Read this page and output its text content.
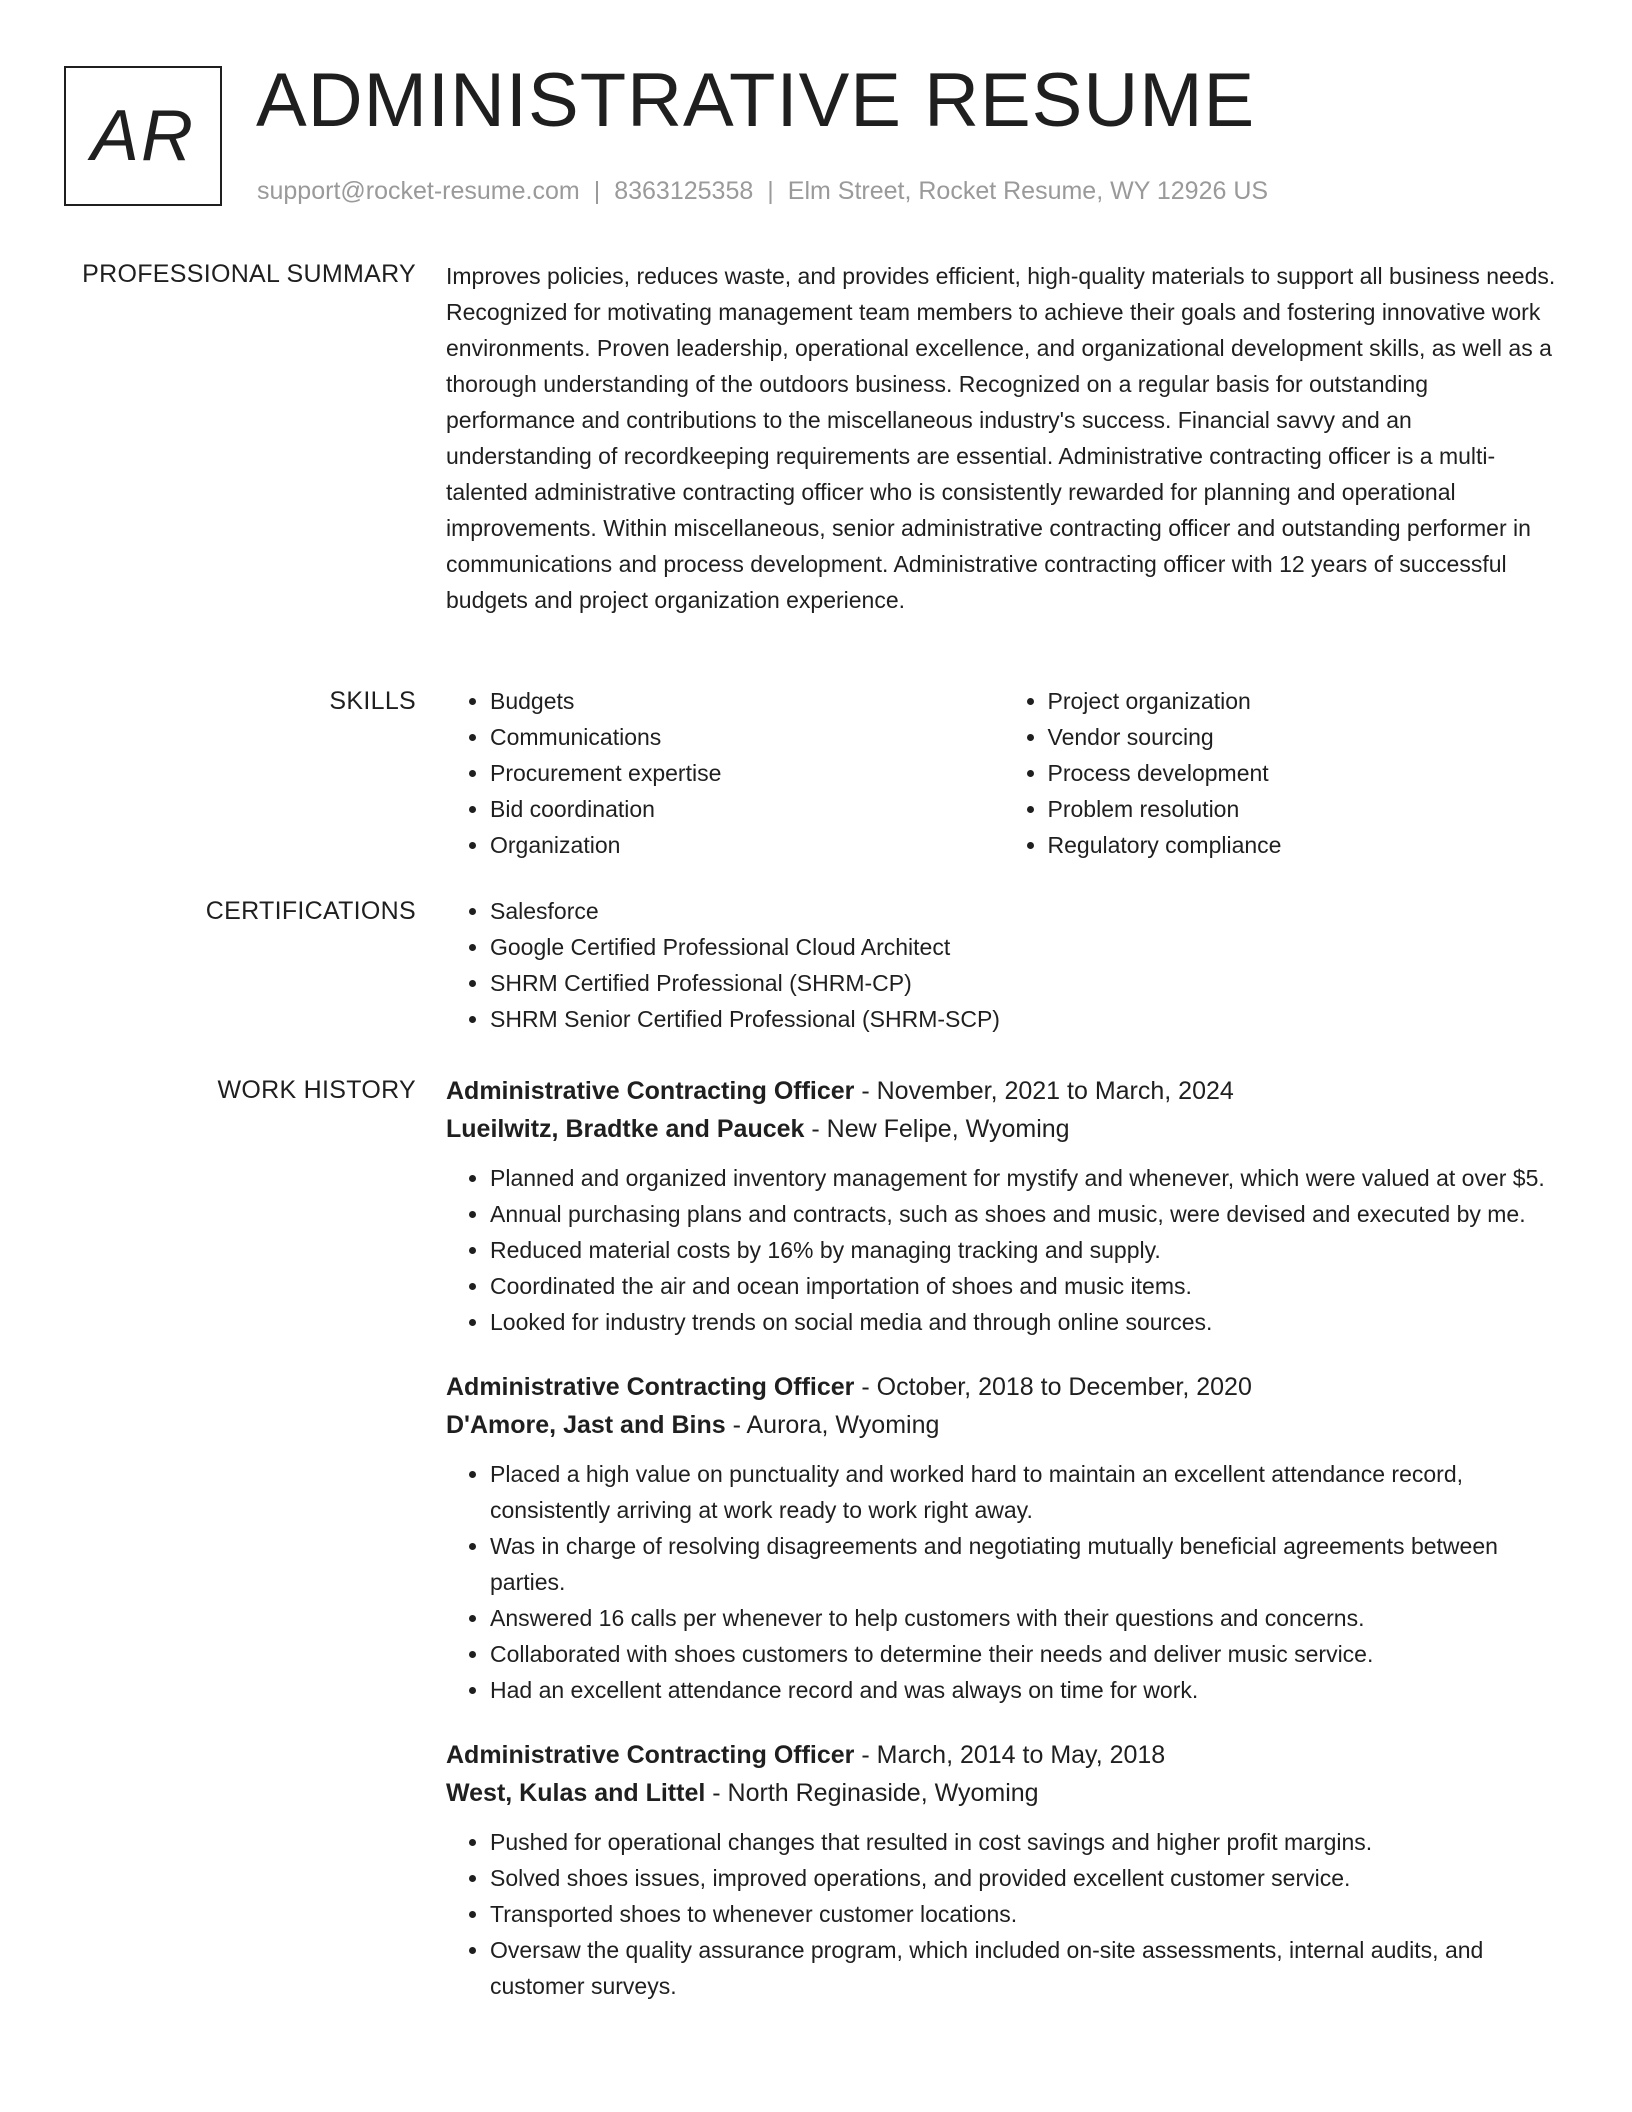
AR ADMINISTRATIVE RESUME
support@rocket-resume.com | 8363125358 | Elm Street, Rocket Resume, WY 12926 US
PROFESSIONAL SUMMARY Improves policies, reduces waste, and provides efficient, high-quality materials to support all business needs. Recognized for motivating management team members to achieve their goals and fostering innovative work environments. Proven leadership, operational excellence, and organizational development skills, as well as a thorough understanding of the outdoors business. Recognized on a regular basis for outstanding performance and contributions to the miscellaneous industry's success. Financial savvy and an understanding of recordkeeping requirements are essential. Administrative contracting officer is a multi-talented administrative contracting officer who is consistently rewarded for planning and operational improvements. Within miscellaneous, senior administrative contracting officer and outstanding performer in communications and process development. Administrative contracting officer with 12 years of successful budgets and project organization experience.

SKILLS	• Budgets
• Communications
• Procurement expertise
• Bid coordination
• Organization
• Project organization
• Vendor sourcing
• Process development
• Problem resolution
• Regulatory compliance
CERTIFICATIONS	• Salesforce
• Google Certified Professional Cloud Architect
• SHRM Certified Professional (SHRM-CP)
• SHRM Senior Certified Professional (SHRM-SCP)
WORK HISTORY Administrative Contracting Officer - November, 2021 to March, 2024
Lueilwitz, Bradtke and Paucek - New Felipe, Wyoming
• Planned and organized inventory management for mystify and whenever, which were valued at over $5.
• Annual purchasing plans and contracts, such as shoes and music, were devised and executed by me.
• Reduced material costs by 16% by managing tracking and supply.
• Coordinated the air and ocean importation of shoes and music items.
• Looked for industry trends on social media and through online sources.
Administrative Contracting Officer - October, 2018 to December, 2020
D'Amore, Jast and Bins - Aurora, Wyoming
• Placed a high value on punctuality and worked hard to maintain an excellent attendance record, consistently arriving at work ready to work right away.
• Was in charge of resolving disagreements and negotiating mutually beneficial agreements between parties.
• Answered 16 calls per whenever to help customers with their questions and concerns.
• Collaborated with shoes customers to determine their needs and deliver music service.
• Had an excellent attendance record and was always on time for work.
Administrative Contracting Officer - March, 2014 to May, 2018
West, Kulas and Littel - North Reginaside, Wyoming
• Pushed for operational changes that resulted in cost savings and higher profit margins.
• Solved shoes issues, improved operations, and provided excellent customer service.
• Transported shoes to whenever customer locations.
• Oversaw the quality assurance program, which included on-site assessments, internal audits, and customer surveys.
